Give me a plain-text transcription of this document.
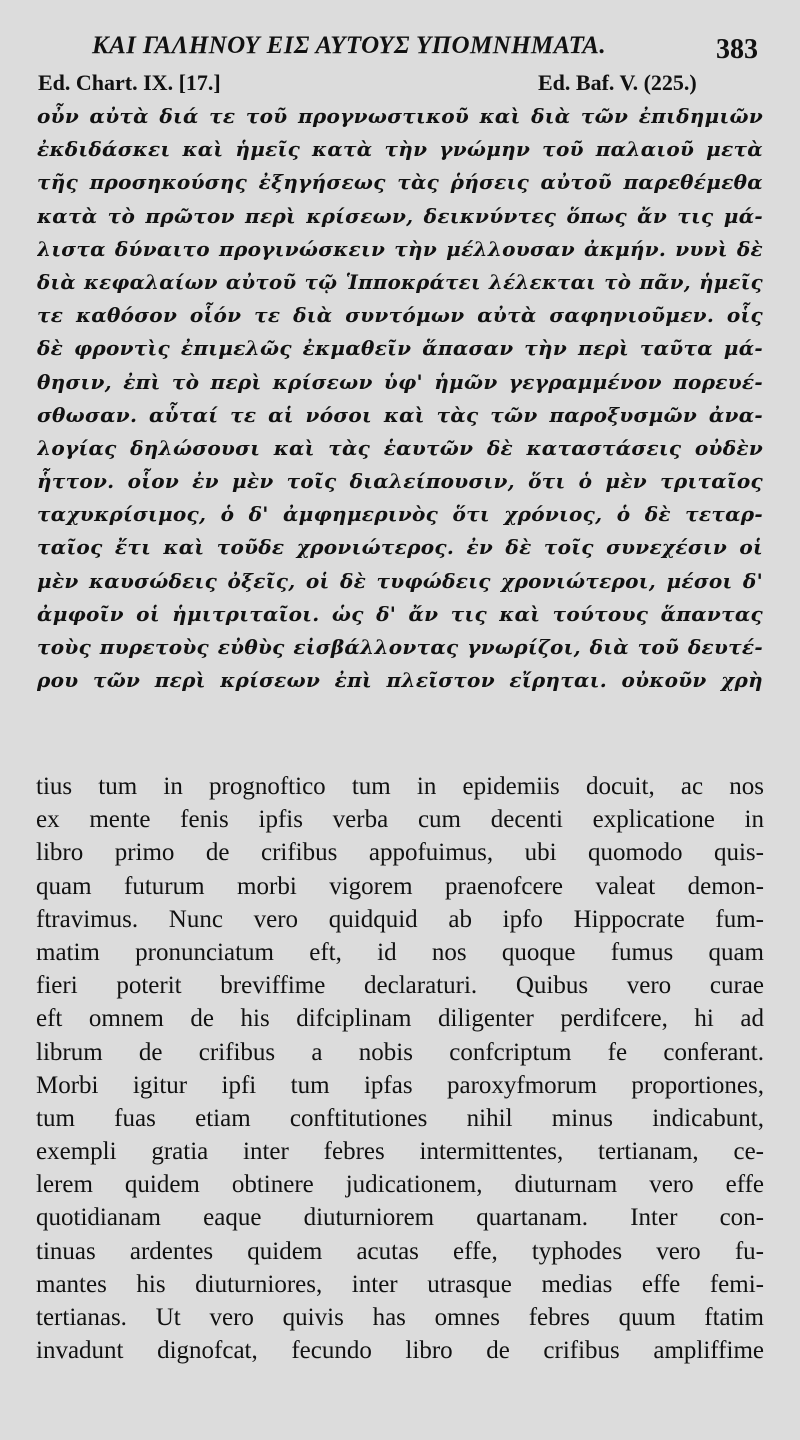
ΚΑΙ ΓΑΛΗΝΟΥ ΕΙΣ ΑΥΤΟΥΣ ΥΠΟΜΝΗΜΑΤΑ.	383
Ed. Chart. IX. [17.]	Ed. Baf. V. (225.)
οὖν αὐτὰ διά τε τοῦ προγνωστικοῦ καὶ διὰ τῶν ἐπιδημιῶν
ἐκδιδάσκει καὶ ἡμεῖς κατὰ τὴν γνώμην τοῦ παλαιοῦ μετὰ
τῆς προσηκούσης ἐξηγήσεως τὰς ῥήσεις αὐτοῦ παρεθέμεθα
κατὰ τὸ πρῶτον περὶ κρίσεων, δεικνύντες ὅπως ἄν τις μά-
λιστα δύναιτο προγινώσκειν τὴν μέλλουσαν ἀκμήν. νυνὶ δὲ
διὰ κεφαλαίων αὐτοῦ τῷ Ἱπποκράτει λέλεκται τὸ πᾶν, ἡμεῖς
τε καθόσον οἷόν τε διὰ συντόμων αὐτὰ σαφηνιοῦμεν. οἷς
δὲ φροντὶς ἐπιμελῶς ἐκμαθεῖν ἅπασαν τὴν περὶ ταῦτα μά-
θησιν, ἐπὶ τὸ περὶ κρίσεων ὑφ' ἡμῶν γεγραμμένον πορευέ-
σθωσαν. αὗταί τε αἱ νόσοι καὶ τὰς τῶν παροξυσμῶν ἀνα-
λογίας δηλώσουσι καὶ τὰς ἑαυτῶν δὲ καταστάσεις οὐδὲν
ἧττον. οἷον ἐν μὲν τοῖς διαλείπουσιν, ὅτι ὁ μὲν τριταῖος
ταχυκρίσιμος, ὁ δ' ἀμφημερινὸς ὅτι χρόνιος, ὁ δὲ τεταρ-
ταῖος ἔτι καὶ τοῦδε χρονιώτερος. ἐν δὲ τοῖς συνεχέσιν οἱ
μὲν καυσώδεις ὀξεῖς, οἱ δὲ τυφώδεις χρονιώτεροι, μέσοι δ'
ἀμφοῖν οἱ ἡμιτριταῖοι. ὡς δ' ἄν τις καὶ τούτους ἅπαντας
τοὺς πυρετοὺς εὐθὺς εἰσβάλλοντας γνωρίζοι, διὰ τοῦ δευτέ-
ρου τῶν περὶ κρίσεων ἐπὶ πλεῖστον εἴρηται. οὐκοῦν χρὴ
tius tum in prognoftico tum in epidemiis docuit, ac nos
ex mente fenis ipfis verba cum decenti explicatione in
libro primo de crifibus appofuimus, ubi quomodo quis-
quam futurum morbi vigorem praenofcere valeat demon-
ftravimus. Nunc vero quidquid ab ipfo Hippocrate fum-
matim pronunciatum eft, id nos quoque fumus quam
fieri poterit breviffime declaraturi. Quibus vero curae
eft omnem de his difciplinam diligenter perdifcere, hi ad
librum de crifibus a nobis confcriptum fe conferant.
Morbi igitur ipfi tum ipfas paroxyfmorum proportiones,
tum fuas etiam conftitutiones nihil minus indicabunt,
exempli gratia inter febres intermittentes, tertianam, ce-
lerem quidem obtinere judicationem, diuturnam vero effe
quotidianam eaque diuturniorem quartanam. Inter con-
tinuas ardentes quidem acutas effe, typhodes vero fu-
mantes his diuturniores, inter utrasque medias effe femi-
tertianas. Ut vero quivis has omnes febres quum ftatim
invadunt dignofcat, fecundo libro de crifibus ampliffime
